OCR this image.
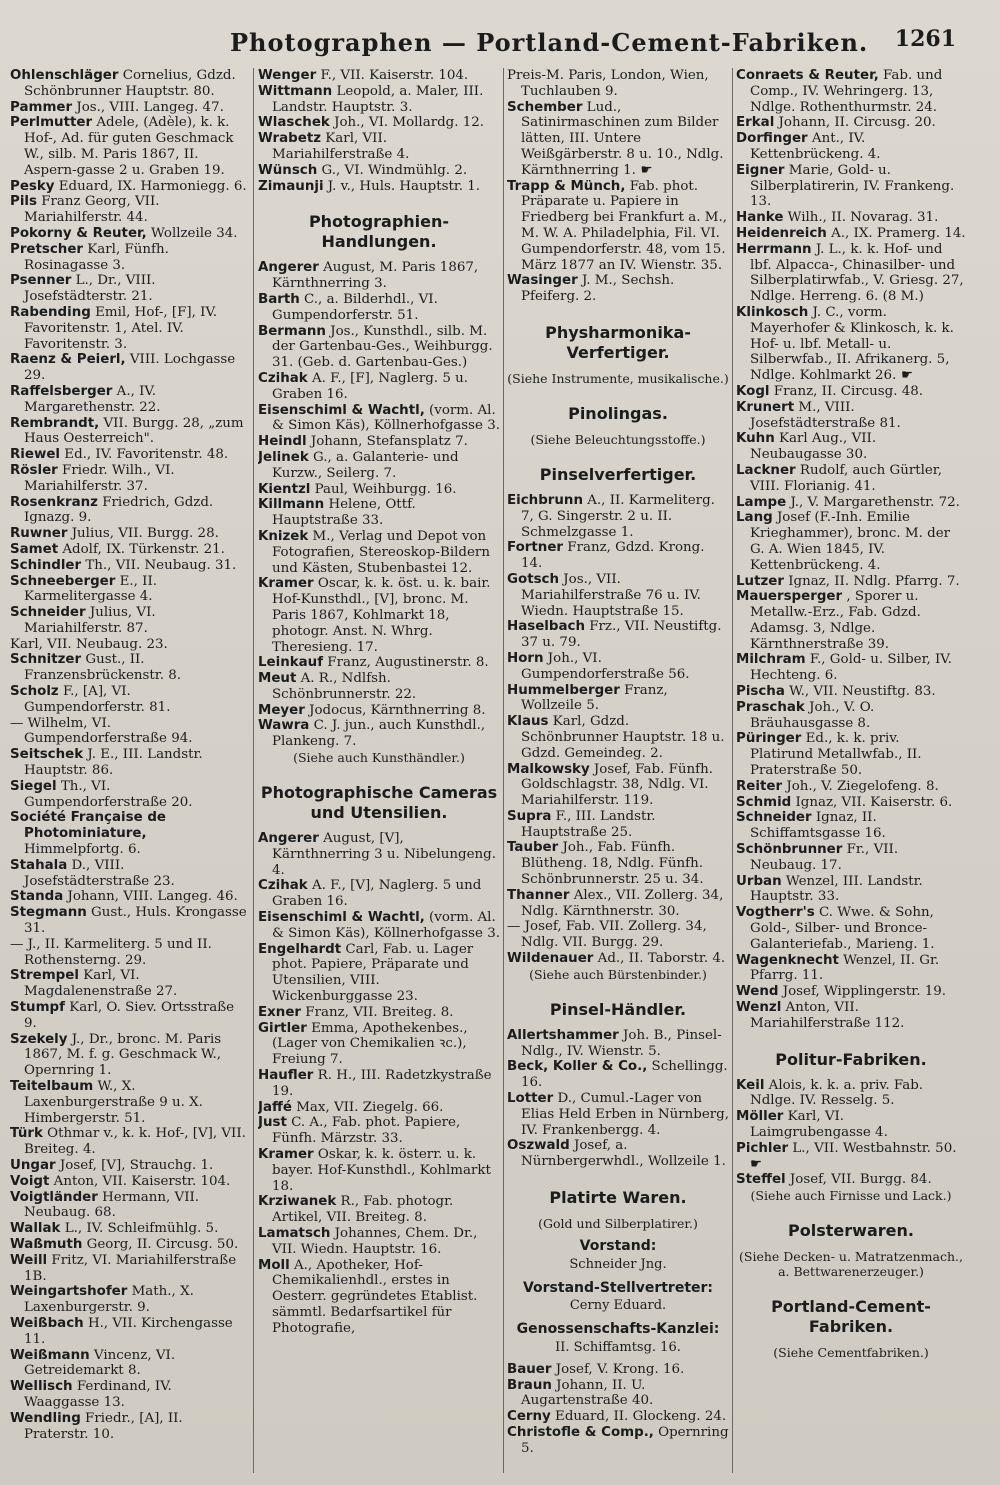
Photographen — Portland-Cement-Fabriken. 1261
Ohlenschläger Cornelius, Gdzd. Schönbrunner Hauptstr. 80.
Pammer Jos., VIII. Langeg. 47.
Perlmutter Adele, (Adèle), k. k. Hof-, Ad. für guten Geschmack W., silb. M. Paris 1867, II. Aspern-gasse 2 u. Graben 19.
Pesky Eduard, IX. Harmoniegg. 6.
Pils Franz Georg, VII. Mariahilferstr. 44.
Pokorny & Reuter, Wollzeile 34.
Pretscher Karl, Fünfh. Rosinagasse 3.
Psenner L., Dr., VIII. Josefstädterstr. 21.
Rabending Emil, Hof-, [F], IV. Favoritenstr. 1, Atel. IV. Favoritenstr. 3.
Raenz & Peierl, VIII. Lochgasse 29.
Raffelsberger A., IV. Margarethenstr. 22.
Rembrandt, VII. Burgg. 28, „zum Haus Oesterreich".
Riewel Ed., IV. Favoritenstr. 48.
Rösler Friedr. Wilh., VI. Mariahilferstr. 37.
Rosenkranz Friedrich, Gdzd. Ignazg. 9.
Ruwner Julius, VII. Burgg. 28.
Samet Adolf, IX. Türkenstr. 21.
Schindler Th., VII. Neubaug. 31.
Schneeberger E., II. Karmelitergasse 4.
Schneider Julius, VI. Mariahilferstr. 87.
Karl, VII. Neubaug. 23.
Schnitzer Gust., II. Franzensbrückenstr. 8.
Scholz F., [A], VI. Gumpendorferstr. 81.
— Wilhelm, VI. Gumpendorferstraße 94.
Seitschek J. E., III. Landstr. Hauptstr. 86.
Siegel Th., VI. Gumpendorferstraße 20.
Société Française de Photominiature, Himmelpfortg. 6.
Stahala D., VIII. Josefstädterstraße 23.
Standa Johann, VIII. Langeg. 46.
Stegmann Gust., Huls. Krongasse 31.
— J., II. Karmeliterg. 5 und II. Rothensterng. 29.
Strempel Karl, VI. Magdalenenstraße 27.
Stumpf Karl, O. Siev. Ortsstraße 9.
Szekely J., Dr., bronc. M. Paris 1867, M. f. g. Geschmack W., Opernring 1.
Teitelbaum W., X. Laxenburgerstraße 9 u. X. Himbergerstr. 51.
Türk Othmar v., k. k. Hof-, [V], VII. Breiteg. 4.
Ungar Josef, [V], Strauchg. 1.
Voigt Anton, VII. Kaiserstr. 104.
Voigtländer Hermann, VII. Neubaug. 68.
Wallak L., IV. Schleifmühlg. 5.
Waßmuth Georg, II. Circusg. 50.
Weill Fritz, VI. Mariahilferstraße 1B.
Weingartshofer Math., X. Laxenburgerstr. 9.
Weißbach H., VII. Kirchengasse 11.
Weißmann Vincenz, VI. Getreidemarkt 8.
Wellisch Ferdinand, IV. Waaggasse 13.
Wendling Friedr., [A], II. Praterstr. 10.
Wenger F., VII. Kaiserstr. 104.
Wittmann Leopold, a. Maler, III. Landstr. Hauptstr. 3.
Wlaschek Joh., VI. Mollardg. 12.
Wrabetz Karl, VII. Mariahilferstraße 4.
Wünsch G., VI. Windmühlg. 2.
Zimaunji J. v., Huls. Hauptstr. 1.
Photographien-Handlungen.
Angerer August, M. Paris 1867, Kärnthnerring 3.
Barth C., a. Bilderhdl., VI. Gumpendorferstr. 51.
Bermann Jos., Kunsthdl., silb. M. der Gartenbau-Ges., Weihburgg. 31. (Geb. d. Gartenbau-Ges.)
Czihak A. F., [F], Naglerg. 5 u. Graben 16.
Eisenschiml & Wachtl, (vorm. Al. & Simon Käs), Köllnerhofgasse 3.
Heindl Johann, Stefansplatz 7.
Jelinek G., a. Galanterie- und Kurzw., Seilerg. 7.
Kientzl Paul, Weihburgg. 16.
Killmann Helene, Ottf. Hauptstraße 33.
Knizek M., Verlag und Depot von Fotografien, Stereoskop-Bildern und Kästen, Stubenbastei 12.
Kramer Oscar, k. k. öst. u. k. bair. Hof-Kunsthdl., [V], bronc. M. Paris 1867, Kohlmarkt 18, photogr. Anst. N. Whrg. Theresieng. 17.
Leinkauf Franz, Augustinerstr. 8.
Meut A. R., Ndlfsh. Schönbrunnerstr. 22.
Meyer Jodocus, Kärnthnerring 8.
Wawra C. J. jun., auch Kunsthdl., Plankeng. 7.
(Siehe auch Kunsthändler.)
Photographische Cameras und Utensilien.
Angerer August, [V], Kärnthnerring 3 u. Nibelungeng. 4.
Czihak A. F., [V], Naglerg. 5 und Graben 16.
Eisenschiml & Wachtl, (vorm. Al. & Simon Käs), Köllnerhofgasse 3.
Engelhardt Carl, Fab. u. Lager phot. Papiere, Präparate und Utensilien, VIII. Wickenburggasse 23.
Exner Franz, VII. Breiteg. 8.
Girtler Emma, Apothekenbes., (Lager von Chemikalien ꝛc.), Freiung 7.
Haufler R. H., III. Radetzkystraße 19.
Jaffé Max, VII. Ziegelg. 66.
Just C. A., Fab. phot. Papiere, Fünfh. Märzstr. 33.
Kramer Oskar, k. k. österr. u. k. bayer. Hof-Kunsthdl., Kohlmarkt 18.
Krziwanek R., Fab. photogr. Artikel, VII. Breiteg. 8.
Lamatsch Johannes, Chem. Dr., VII. Wiedn. Hauptstr. 16.
Moll A., Apotheker, Hof-Chemikalienhdl., erstes in Oesterr. gegründetes Etablist. sämmtl. Bedarfsartikel für Photografie,
Preis-M. Paris, London, Wien, Tuchlauben 9.
Schember Lud., Satinirmaschinen zum Bilder lätten, III. Untere Weißgärberstr. 8 u. 10., Ndlg. Kärnthnerring 1. ☛
Trapp & Münch, Fab. phot. Präparate u. Papiere in Friedberg bei Frankfurt a. M., M. W. A. Philadelphia, Fil. VI. Gumpendorferstr. 48, vom 15. März 1877 an IV. Wienstr. 35.
Wasinger J. M., Sechsh. Pfeiferg. 2.
Physharmonika-Verfertiger.
(Siehe Instrumente, musikalische.)
Pinolingas.
(Siehe Beleuchtungsstoffe.)
Pinselverfertiger.
Eichbrunn A., II. Karmeliterg. 7, G. Singerstr. 2 u. II. Schmelzgasse 1.
Fortner Franz, Gdzd. Krong. 14.
Gotsch Jos., VII. Mariahilferstraße 76 u. IV. Wiedn. Hauptstraße 15.
Haselbach Frz., VII. Neustiftg. 37 u. 79.
Horn Joh., VI. Gumpendorferstraße 56.
Hummelberger Franz, Wollzeile 5.
Klaus Karl, Gdzd. Schönbrunner Hauptstr. 18 u. Gdzd. Gemeindeg. 2.
Malkowsky Josef, Fab. Fünfh. Goldschlagstr. 38, Ndlg. VI. Mariahilferstr. 119.
Supra F., III. Landstr. Hauptstraße 25.
Tauber Joh., Fab. Fünfh. Blütheng. 18, Ndlg. Fünfh. Schönbrunnerstr. 25 u. 34.
Thanner Alex., VII. Zollerg. 34, Ndlg. Kärnthnerstr. 30.
— Josef, Fab. VII. Zollerg. 34, Ndlg. VII. Burgg. 29.
Wildenauer Ad., II. Taborstr. 4.
(Siehe auch Bürstenbinder.)
Pinsel-Händler.
Allertshammer Joh. B., Pinsel-Ndlg., IV. Wienstr. 5.
Beck, Koller & Co., Schellingg. 16.
Lotter D., Cumul.-Lager von Elias Held Erben in Nürnberg, IV. Frankenbergg. 4.
Oszwald Josef, a. Nürnbergerwhdl., Wollzeile 1.
Platirte Waren.
(Gold und Silberplatirer.)
Vorstand:
Schneider Jng.
Vorstand-Stellvertreter:
Cerny Eduard.
Genossenschafts-Kanzlei:
II. Schiffamtsg. 16.
Bauer Josef, V. Krong. 16.
Braun Johann, II. U. Augartenstraße 40.
Cerny Eduard, II. Glockeng. 24.
Christofle & Comp., Opernring 5.
Conraets & Reuter, Fab. und Comp., IV. Wehringerg. 13, Ndlge. Rothenthurmstr. 24.
Erkal Johann, II. Circusg. 20.
Dorfinger Ant., IV. Kettenbrückeng. 4.
Eigner Marie, Gold- u. Silberplatirerin, IV. Frankeng. 13.
Hanke Wilh., II. Novarag. 31.
Heidenreich A., IX. Pramerg. 14.
Herrmann J. L., k. k. Hof- und lbf. Alpacca-, Chinasilber- und Silberplatirwfab., V. Griesg. 27, Ndlge. Herreng. 6. (8 M.)
Klinkosch J. C., vorm. Mayerhofer & Klinkosch, k. k. Hof- u. lbf. Metall- u. Silberwfab., II. Afrikanerg. 5, Ndlge. Kohlmarkt 26. ☛
Kogl Franz, II. Circusg. 48.
Krunert M., VIII. Josefstädterstraße 81.
Kuhn Karl Aug., VII. Neubaugasse 30.
Lackner Rudolf, auch Gürtler, VIII. Florianig. 41.
Lampe J., V. Margarethenstr. 72.
Lang Josef (F.-Inh. Emilie Krieghammer), bronc. M. der G. A. Wien 1845, IV. Kettenbrückeng. 4.
Lutzer Ignaz, II. Ndlg. Pfarrg. 7.
Mauersperger , Sporer u. Metallw.-Erz., Fab. Gdzd. Adamsg. 3, Ndlge. Kärnthnerstraße 39.
Milchram F., Gold- u. Silber, IV. Hechteng. 6.
Pischa W., VII. Neustiftg. 83.
Praschak Joh., V. O. Bräuhausgasse 8.
Püringer Ed., k. k. priv. Platirund Metallwfab., II. Praterstraße 50.
Reiter Joh., V. Ziegelofeng. 8.
Schmid Ignaz, VII. Kaiserstr. 6.
Schneider Ignaz, II. Schiffamtsgasse 16.
Schönbrunner Fr., VII. Neubaug. 17.
Urban Wenzel, III. Landstr. Hauptstr. 33.
Vogtherr's C. Wwe. & Sohn, Gold-, Silber- und Bronce-Galanteriefab., Marieng. 1.
Wagenknecht Wenzel, II. Gr. Pfarrg. 11.
Wend Josef, Wipplingerstr. 19.
Wenzl Anton, VII. Mariahilferstraße 112.
Politur-Fabriken.
Keil Alois, k. k. a. priv. Fab. Ndlge. IV. Resselg. 5.
Möller Karl, VI. Laimgrubengasse 4.
Pichler L., VII. Westbahnstr. 50. ☛
Steffel Josef, VII. Burgg. 84.
(Siehe auch Firnisse und Lack.)
Polsterwaren.
(Siehe Decken- u. Matratzenmach., a. Bettwarenerzeuger.)
Portland-Cement-Fabriken.
(Siehe Cementfabriken.)
